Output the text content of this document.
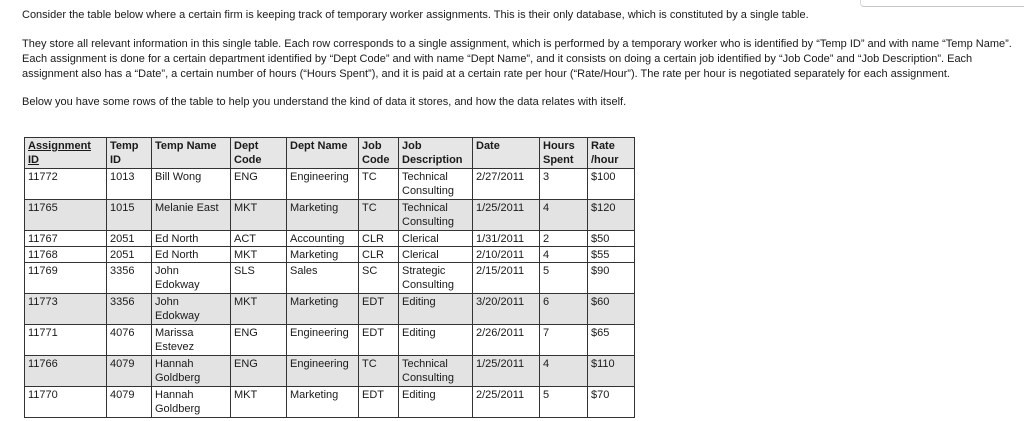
Consider the table below where a certain firm is keeping track of temporary worker assignments. This is their only database, which is constituted by a single table.

They store all relevant information in this single table. Each row corresponds to a single assignment, which is performed by a temporary worker who is identified by “Temp ID” and with name “Temp Name”. Each assignment is done for a certain department identified by “Dept Code” and with name “Dept Name”, and it consists on doing a certain job identified by “Job Code” and “Job Description”. Each assignment also has a “Date”, a certain number of hours (“Hours Spent”), and it is paid at a certain rate per hour (“Rate/Hour”). The rate per hour is negotiated separately for each assignment.

Below you have some rows of the table to help you understand the kind of data it stores, and how the data relates with itself.

Assignment ID	Temp ID	Temp Name	Dept Code	Dept Name	Job Code	Job Description	Date	Hours Spent	Rate /hour
11772	1013	Bill Wong	ENG	Engineering	TC	Technical Consulting	2/27/2011	3	$100
11765	1015	Melanie East	MKT	Marketing	TC	Technical Consulting	1/25/2011	4	$120
11767	2051	Ed North	ACT	Accounting	CLR	Clerical	1/31/2011	2	$50
11768	2051	Ed North	MKT	Marketing	CLR	Clerical	2/10/2011	4	$55
11769	3356	John Edokway	SLS	Sales	SC	Strategic Consulting	2/15/2011	5	$90
11773	3356	John Edokway	MKT	Marketing	EDT	Editing	3/20/2011	6	$60
11771	4076	Marissa Estevez	ENG	Engineering	EDT	Editing	2/26/2011	7	$65
11766	4079	Hannah Goldberg	ENG	Engineering	TC	Technical Consulting	1/25/2011	4	$110
11770	4079	Hannah Goldberg	MKT	Marketing	EDT	Editing	2/25/2011	5	$70
